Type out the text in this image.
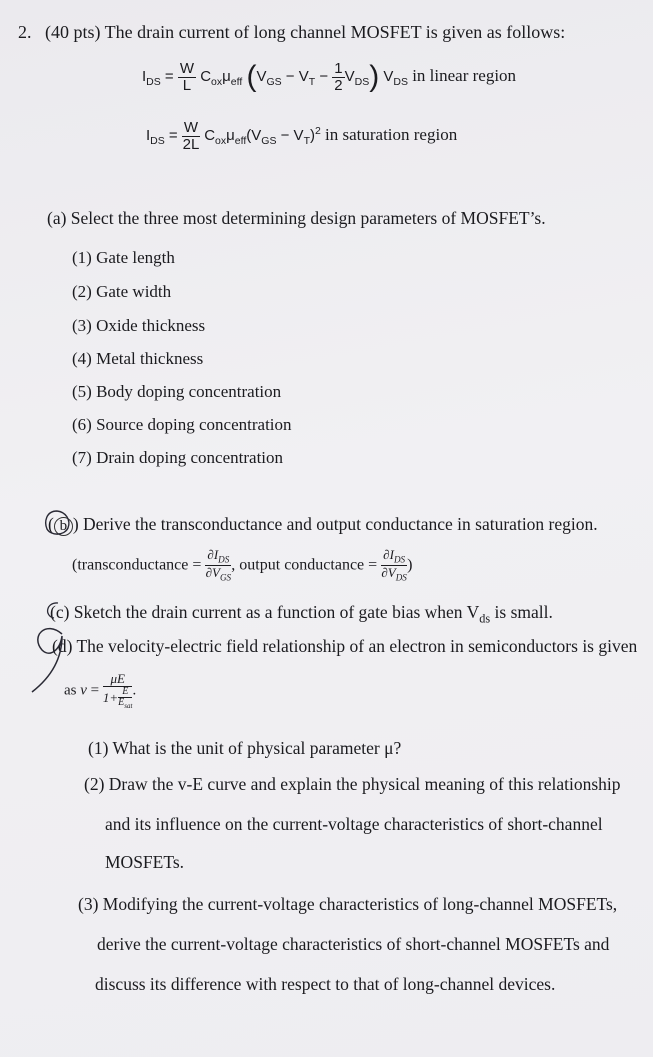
2. (40 pts) The drain current of long channel MOSFET is given as follows:
$I_{DS} = \frac{W}{L} C_{ox}\mu_{eff}$ $(V_{GS} - V_T - \frac{1}{2} V_{DS})$ $V_{DS}$ in linear region
$I_{DS} = \frac{W}{2L} C_{ox}\mu_{eff}(V_{GS} - V_T)^2$ in saturation region
(a) Select the three most determining design parameters of MOSFET’s.
(1) Gate length
(2) Gate width
(3) Oxide thickness
(4) Metal thickness
(5) Body doping concentration
(6) Source doping concentration
(7) Drain doping concentration
( b ) Derive the transconductance and output conductance in saturation region.
(transconductance = $\frac{\partial I_{DS}}{\partial V_{GS}}$ , output conductance = $\frac{\partial I_{DS}}{\partial V_{DS}}$ )
(c) Sketch the drain current as a function of gate bias when $V_{ds}$ is small.
(d) The velocity-electric field relationship of an electron in semiconductors is given
as $v = \frac{\mu E}{1+ \frac{E}{E_{sat}}}$ .
(1) What is the unit of physical parameter μ?
(2) Draw the v-E curve and explain the physical meaning of this relationship
and its influence on the current-voltage characteristics of short-channel
MOSFETs.
(3) Modifying the current-voltage characteristics of long-channel MOSFETs,
derive the current-voltage characteristics of short-channel MOSFETs and
discuss its difference with respect to that of long-channel devices.
